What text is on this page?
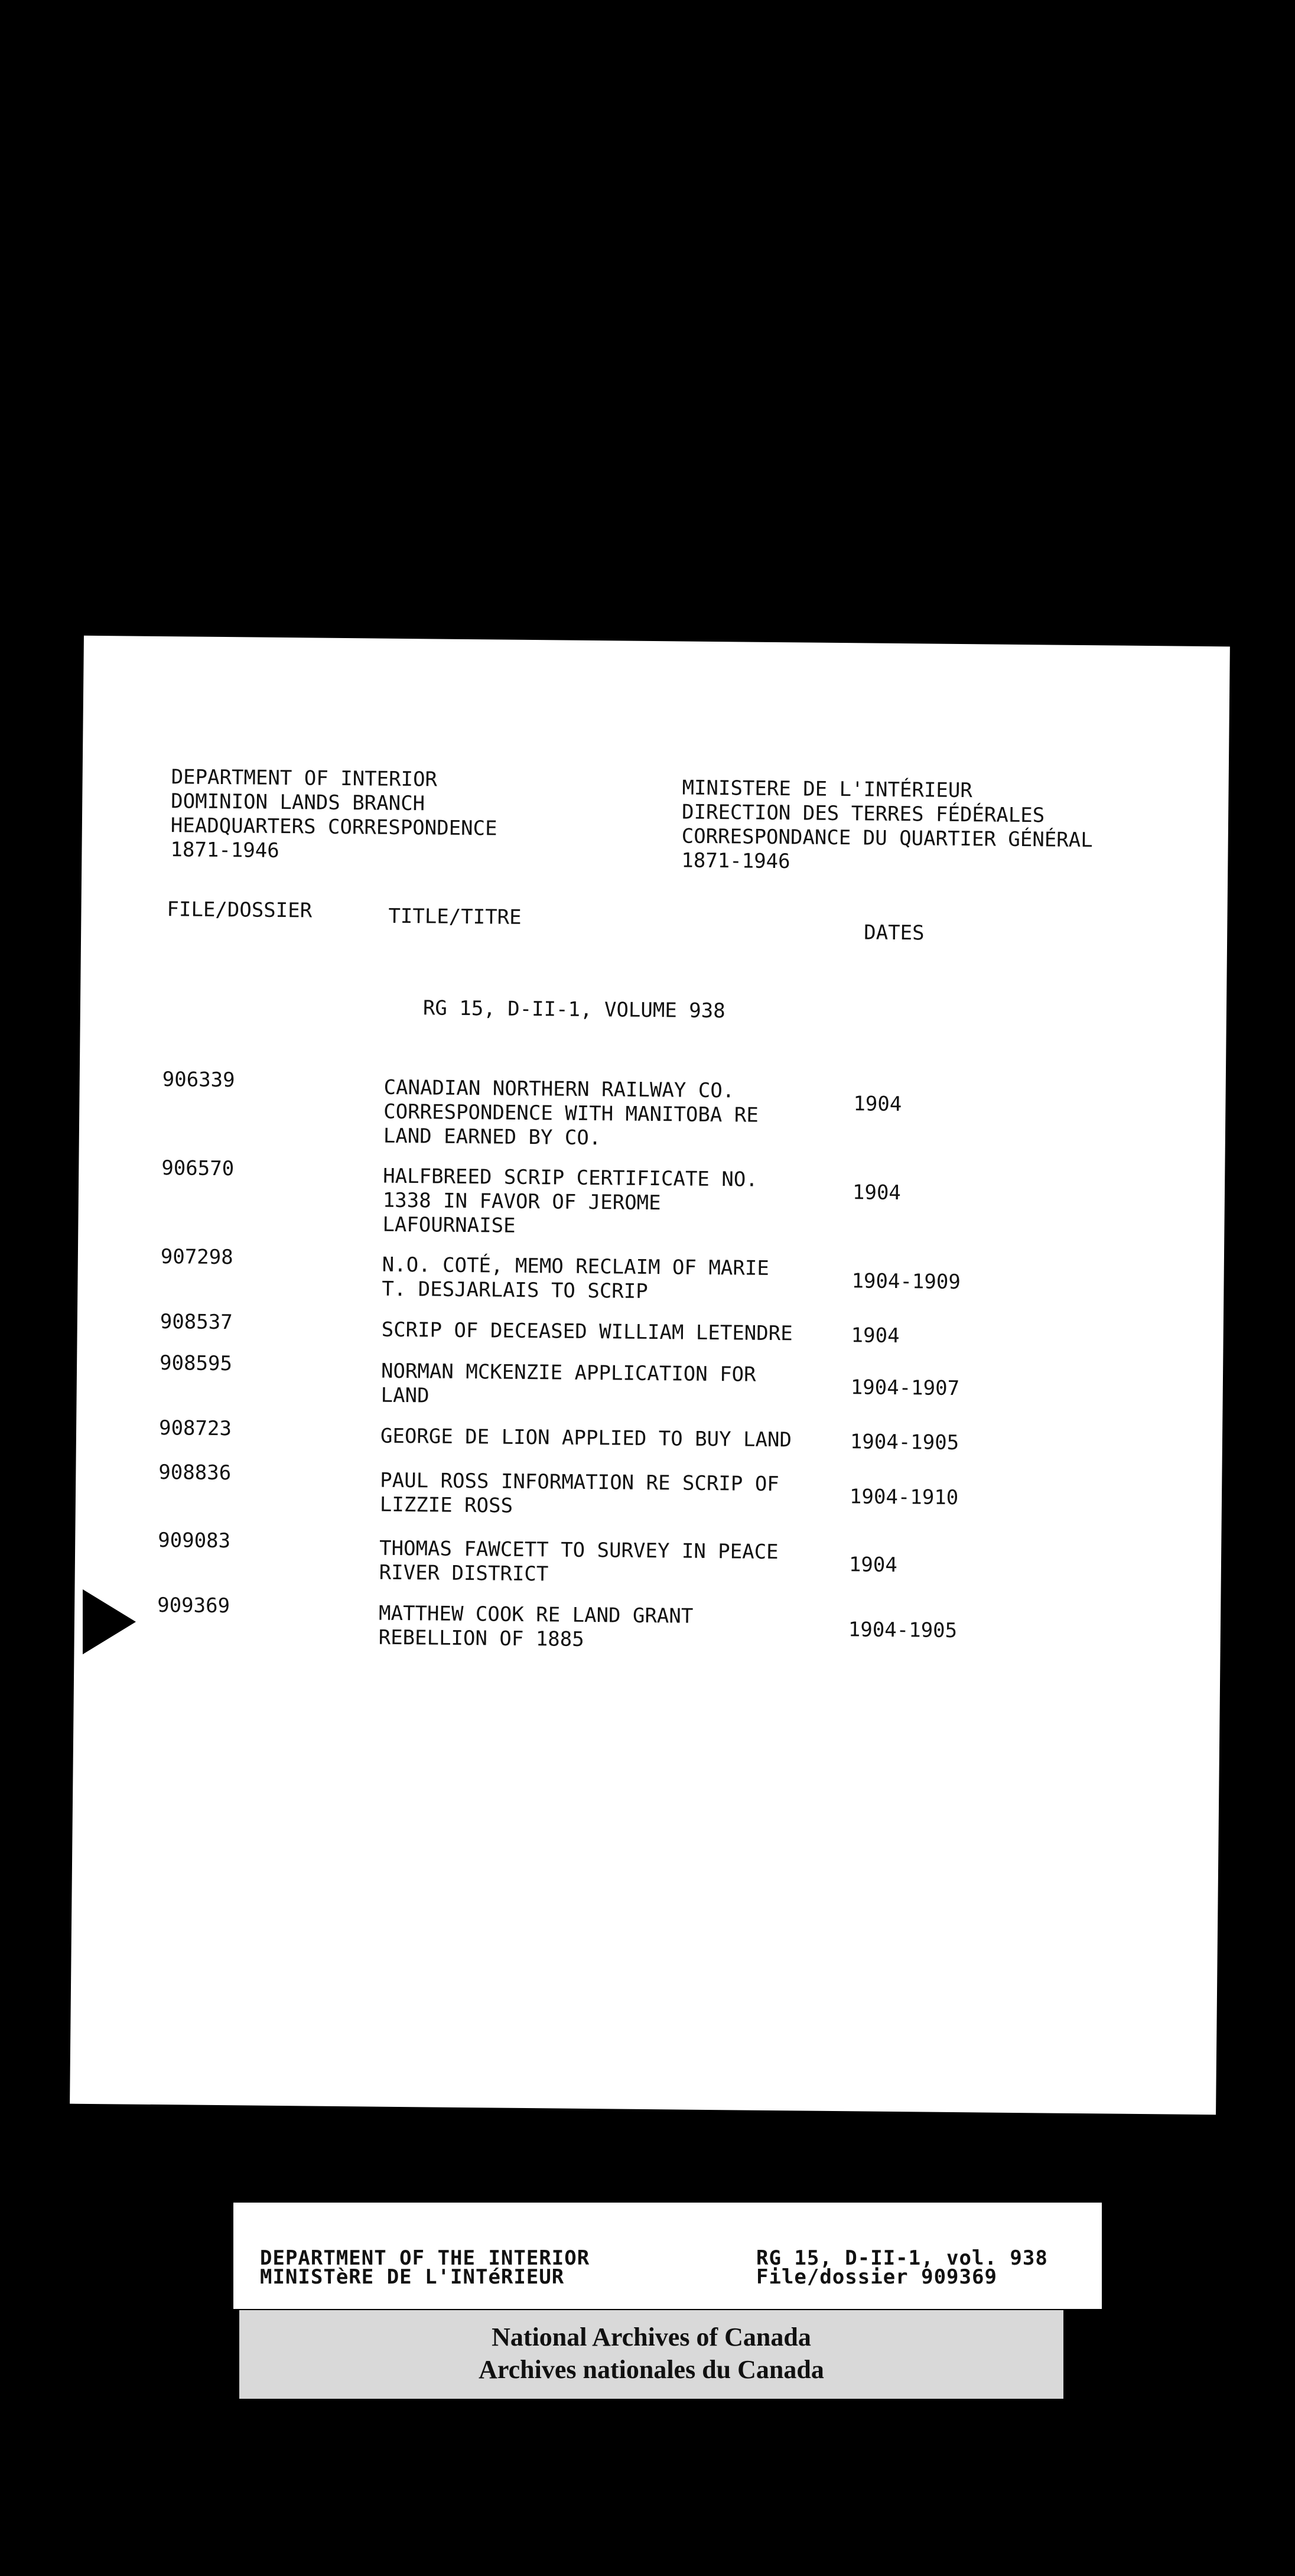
DEPARTMENT OF INTERIOR
DOMINION LANDS BRANCH
HEADQUARTERS CORRESPONDENCE
1871-1946
MINISTERE DE L'INTÉRIEUR
DIRECTION DES TERRES FÉDÉRALES
CORRESPONDANCE DU QUARTIER GÉNÉRAL
1871-1946
FILE/DOSSIER	TITLE/TITRE
DATES
RG 15, D-II-1, VOLUME 938
906339	CANADIAN NORTHERN RAILWAY CO.
CORRESPONDENCE WITH MANITOBA RE
LAND EARNED BY CO.
1904
906570	HALFBREED SCRIP CERTIFICATE NO.
1338 IN FAVOR OF JEROME
LAFOURNAISE
1904
907298	N.O. COTÉ, MEMO RECLAIM OF MARIE
T. DESJARLAIS TO SCRIP	1904-1909
908537	SCRIP OF DECEASED WILLIAM LETENDRE	1904
908595	NORMAN MCKENZIE APPLICATION FOR
LAND	1904-1907
908723	GEORGE DE LION APPLIED TO BUY LAND	1904-1905
908836	PAUL ROSS INFORMATION RE SCRIP OF
LIZZIE ROSS	1904-1910
909083	THOMAS FAWCETT TO SURVEY IN PEACE
RIVER DISTRICT	1904
909369	MATTHEW COOK RE LAND GRANT
REBELLION OF 1885	1904-1905
DEPARTMENT OF THE INTERIOR
MINISTèRE DE L'INTéRIEUR
RG 15, D-II-1, vol. 938
File/dossier 909369
National Archives of Canada
Archives nationales du Canada
